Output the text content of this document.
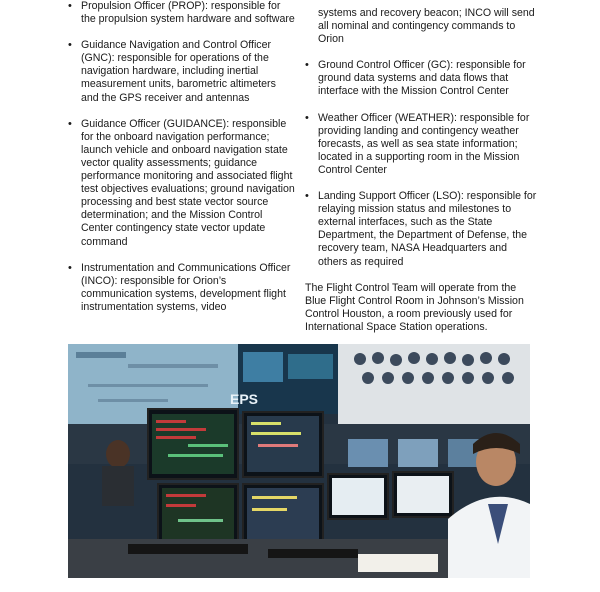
• Propulsion Officer (PROP): responsible for the propulsion system hardware and software
• Guidance Navigation and Control Officer (GNC): responsible for operations of the navigation hardware, including inertial measurement units, barometric altimeters and the GPS receiver and antennas
• Guidance Officer (GUIDANCE): responsible for the onboard navigation performance; launch vehicle and onboard navigation state vector quality assessments; guidance performance monitoring and associated flight test objectives evaluations; ground navigation processing and best state vector source determination; and the Mission Control Center contingency state vector update command
• Instrumentation and Communications Officer (INCO): responsible for Orion’s communication systems, development flight instrumentation systems, video
systems and recovery beacon; INCO will send all nominal and contingency commands to Orion
• Ground Control Officer (GC): responsible for ground data systems and data flows that interface with the Mission Control Center
• Weather Officer (WEATHER): responsible for providing landing and contingency weather forecasts, as well as sea state information; located in a supporting room in the Mission Control Center
• Landing Support Officer (LSO): responsible for relaying mission status and milestones to external interfaces, such as the State Department, the Department of Defense, the recovery team, NASA Headquarters and others as required

The Flight Control Team will operate from the Blue Flight Control Room in Johnson’s Mission Control Houston, a room previously used for International Space Station operations.

EPS
